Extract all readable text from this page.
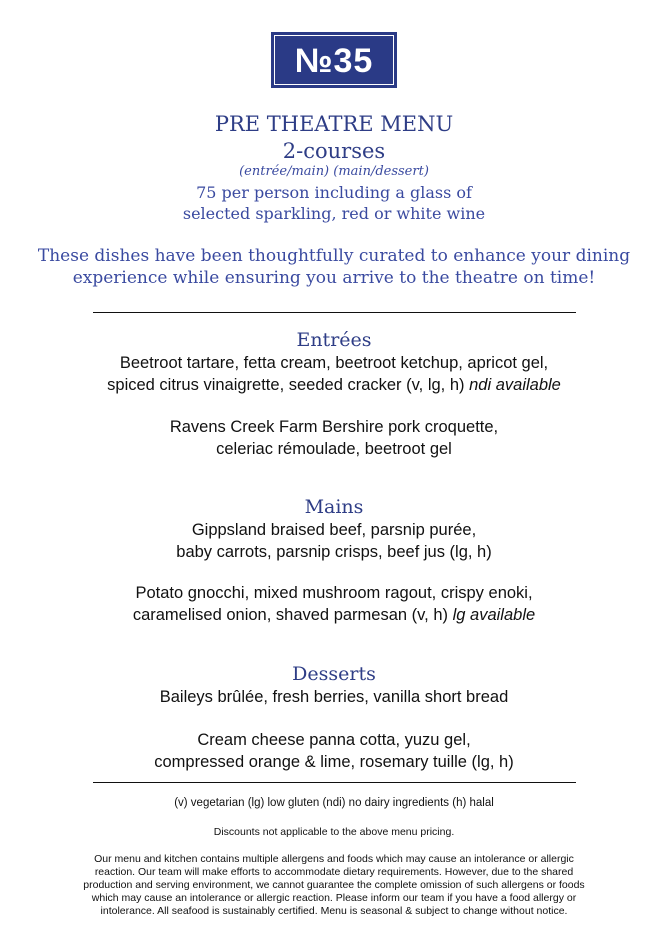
№35
PRE THEATRE MENU
2-courses
(entrée/main) (main/dessert)
75 per person including a glass of
selected sparkling, red or white wine
These dishes have been thoughtfully curated to enhance your dining
experience while ensuring you arrive to the theatre on time!
Entrées
Beetroot tartare, fetta cream, beetroot ketchup, apricot gel,
spiced citrus vinaigrette, seeded cracker (v, lg, h) ndi available
Ravens Creek Farm Bershire pork croquette,
celeriac rémoulade, beetroot gel
Mains
Gippsland braised beef, parsnip purée,
baby carrots, parsnip crisps, beef jus (lg, h)
Potato gnocchi, mixed mushroom ragout, crispy enoki,
caramelised onion, shaved parmesan (v, h) lg available
Desserts
Baileys brûlée, fresh berries, vanilla short bread
Cream cheese panna cotta, yuzu gel,
compressed orange & lime, rosemary tuille (lg, h)
(v) vegetarian (lg) low gluten (ndi) no dairy ingredients (h) halal
Discounts not applicable to the above menu pricing.
Our menu and kitchen contains multiple allergens and foods which may cause an intolerance or allergic
reaction. Our team will make efforts to accommodate dietary requirements. However, due to the shared
production and serving environment, we cannot guarantee the complete omission of such allergens or foods
which may cause an intolerance or allergic reaction. Please inform our team if you have a food allergy or
intolerance. All seafood is sustainably certified. Menu is seasonal & subject to change without notice.
